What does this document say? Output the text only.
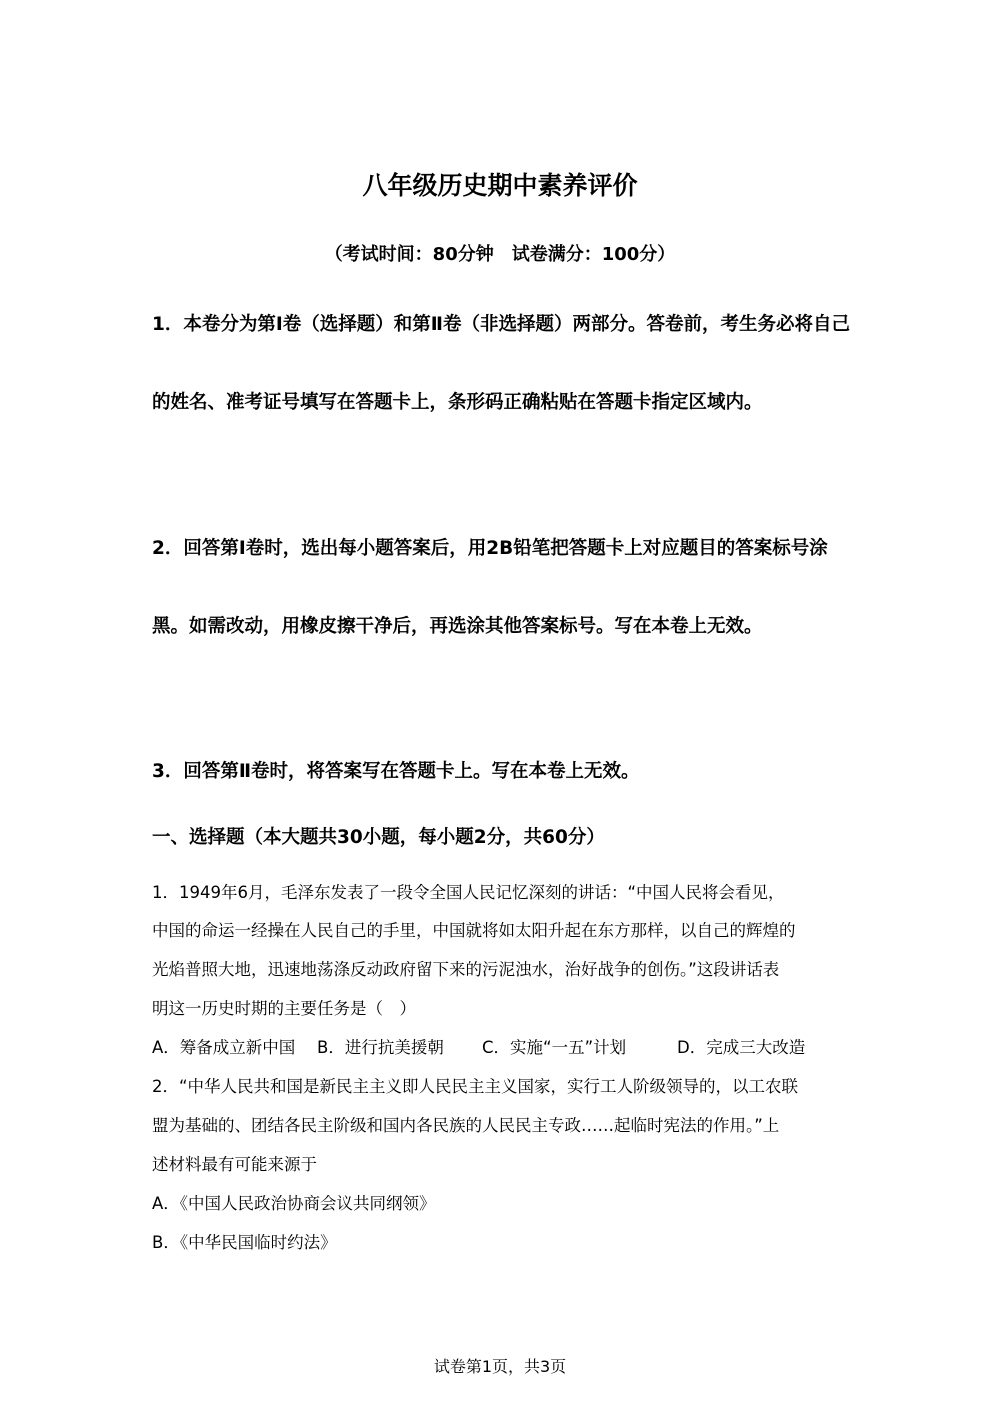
八年级历史期中素养评价

（考试时间：80分钟　试卷满分：100分）

1．本卷分为第Ⅰ卷（选择题）和第Ⅱ卷（非选择题）两部分。答卷前，考生务必将自己的姓名、准考证号填写在答题卡上，条形码正确粘贴在答题卡指定区域内。

2．回答第Ⅰ卷时，选出每小题答案后，用2B铅笔把答题卡上对应题目的答案标号涂黑。如需改动，用橡皮擦干净后，再选涂其他答案标号。写在本卷上无效。

3．回答第Ⅱ卷时，将答案写在答题卡上。写在本卷上无效。

一、选择题（本大题共30小题，每小题2分，共60分）

1．1949年6月，毛泽东发表了一段令全国人民记忆深刻的讲话：“中国人民将会看见，

中国的命运一经操在人民自己的手里，中国就将如太阳升起在东方那样，以自己的辉煌的

光焰普照大地，迅速地荡涤反动政府留下来的污泥浊水，治好战争的创伤。”这段讲话表

明这一历史时期的主要任务是（　）

A．筹备成立新中国 B．进行抗美援朝 C．实施“一五”计划	D．完成三大改造

2．“中华人民共和国是新民主主义即人民民主主义国家，实行工人阶级领导的，以工农联

盟为基础的、团结各民主阶级和国内各民族的人民民主专政……起临时宪法的作用。”上

述材料最有可能来源于

A．《中国人民政治协商会议共同纲领》

B．《中华民国临时约法》

试卷第1页，共3页
